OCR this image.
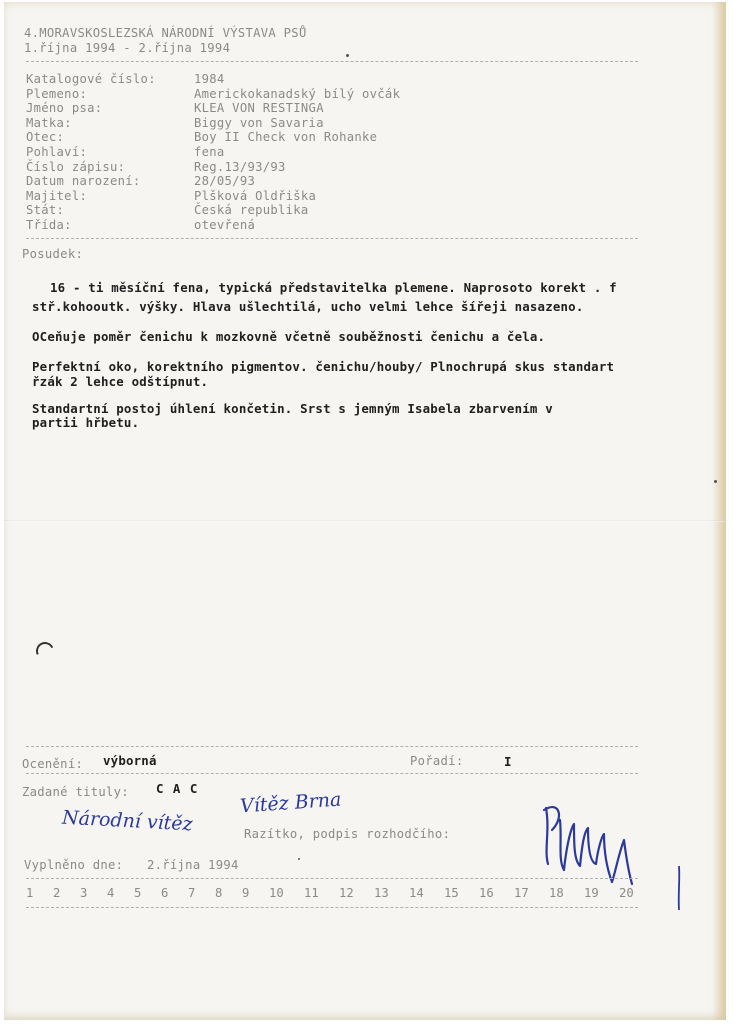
4.MORAVSKOSLEZSKÁ NÁRODNÍ VÝSTAVA PSŮ
1.října 1994 - 2.října 1994
Katalogové číslo:	1984
Plemeno:	Americkokanadský bílý ovčák
Jméno psa:	KLEA VON RESTINGA
Matka:	Biggy von Savaria
Otec:	Boy II Check von Rohanke
Pohlaví:	fena
Číslo zápisu:	Reg.13/93/93
Datum narození:	28/05/93
Majitel:	Plšková Oldřiška
Stát:	Česká republika
Třída:	otevřená
Posudek:
16 - ti měsíční fena, typická představitelka plemene. Naprosoto korekt . f
stř.kohooutk. výšky. Hlava ušlechtilá, ucho velmi lehce šířeji nasazeno.
OCeňuje poměr čenichu k mozkovně včetně souběžnosti čenichu a čela.
Perfektní oko, korektního pigmentov. čenichu/houby/ Plnochrupá skus standart
řzák 2 lehce odštípnut.
Standartní postoj úhlení končetin. Srst s jemným Isabela zbarvením v
partii hřbetu.
Ocenění: výborná	Pořadí:	I
Zadané tituly: C A C Vítěz Brna
Národní vítěz	Razítko, podpis rozhodčího:
Vyplněno dne: 2.října 1994
1	2	3	4	5	6	7	8	9	10	11	12	13	14	15	16	17	18	19	20
